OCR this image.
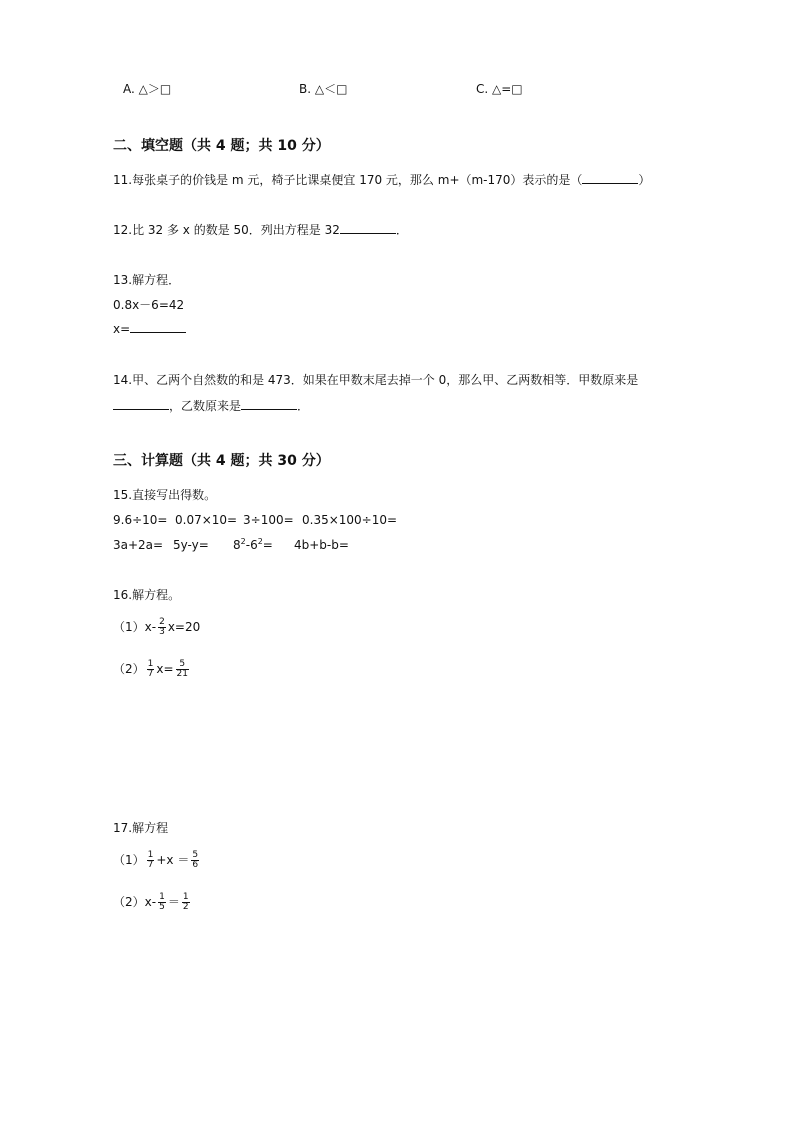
A. △＞□	B. △＜□	C. △=□
二、填空题（共 4 题；共 10 分）
11.每张桌子的价钱是 m 元，椅子比课桌便宜 170 元，那么 m+（m-170）表示的是（	）
12.比 32 多 x 的数是 50．列出方程是 32	．
13.解方程．
0.8x－6=42
x=
14.甲、乙两个自然数的和是 473．如果在甲数末尾去掉一个 0，那么甲、乙两数相等．甲数原来是
，乙数原来是	．
三、计算题（共 4 题；共 30 分）
15.直接写出得数。
9.6÷10= 0.07×10= 3÷100= 0.35×100÷10=
$3a+2a= 5y-y= 8^2-6^2= 4b+b-b=$
16.解方程。
$(1)x- \frac{2}{3} x=20$
$(2) \frac{1}{7} x= \frac{5}{21}$
17.解方程
$(1) \frac{1}{7} +x = \frac{5}{6}$
$(2)x- \frac{1}{5} = \frac{1}{2}$
